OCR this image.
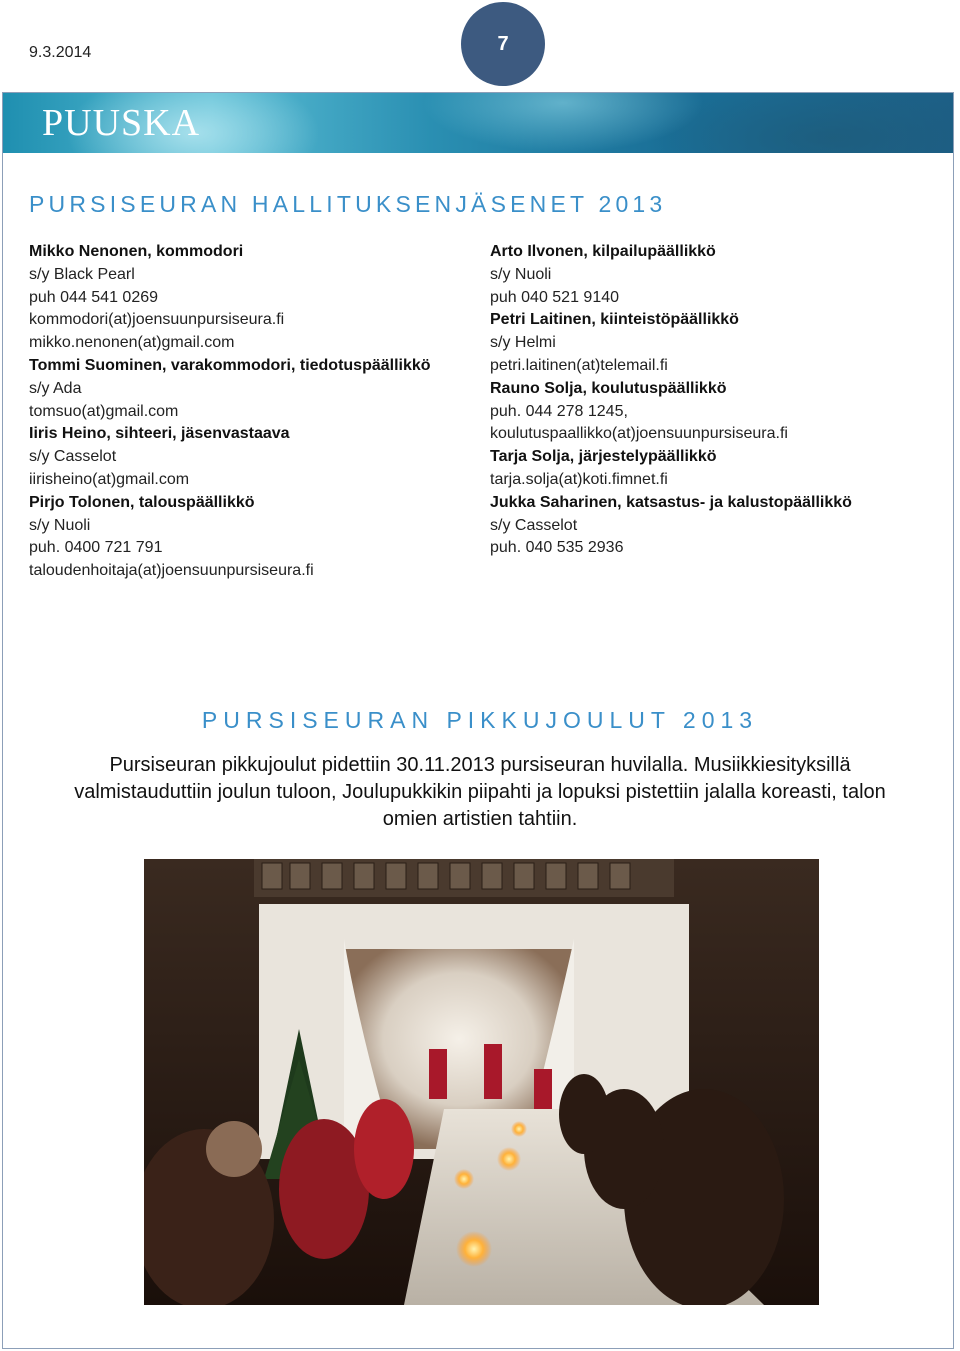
9.3.2014	7
PUUSKA
PURSISEURAN HALLITUKSENJÄSENET 2013
Mikko Nenonen, kommodori
s/y Black Pearl
puh 044 541 0269
kommodori(at)joensuunpursiseura.fi
mikko.nenonen(at)gmail.com
Tommi Suominen, varakommodori, tiedotuspäällikkö
s/y Ada
tomsuo(at)gmail.com
Iiris Heino, sihteeri, jäsenvastaava
s/y Casselot
iirisheino(at)gmail.com
Pirjo Tolonen, talouspäällikkö
s/y Nuoli
puh. 0400 721 791
taloudenhoitaja(at)joensuunpursiseura.fi
Arto Ilvonen, kilpailupäällikkö
s/y Nuoli
puh 040 521 9140
Petri Laitinen, kiinteistöpäällikkö
s/y Helmi
petri.laitinen(at)telemail.fi
Rauno Solja, koulutuspäällikkö
puh. 044 278 1245,
koulutuspaallikko(at)joensuunpursiseura.fi
Tarja Solja, järjestelypäällikkö
tarja.solja(at)koti.fimnet.fi
Jukka Saharinen, katsastus- ja kalustopäällikkö
s/y Casselot
puh. 040 535 2936
PURSISEURAN PIKKUJOULUT 2013
Pursiseuran pikkujoulut pidettiin 30.11.2013 pursiseuran huvilalla. Musiikkiesityksillä valmistauduttiin joulun tuloon, Joulupukkikin piipahti ja lopuksi pistettiin jalalla koreasti, talon omien artistien tahtiin.
